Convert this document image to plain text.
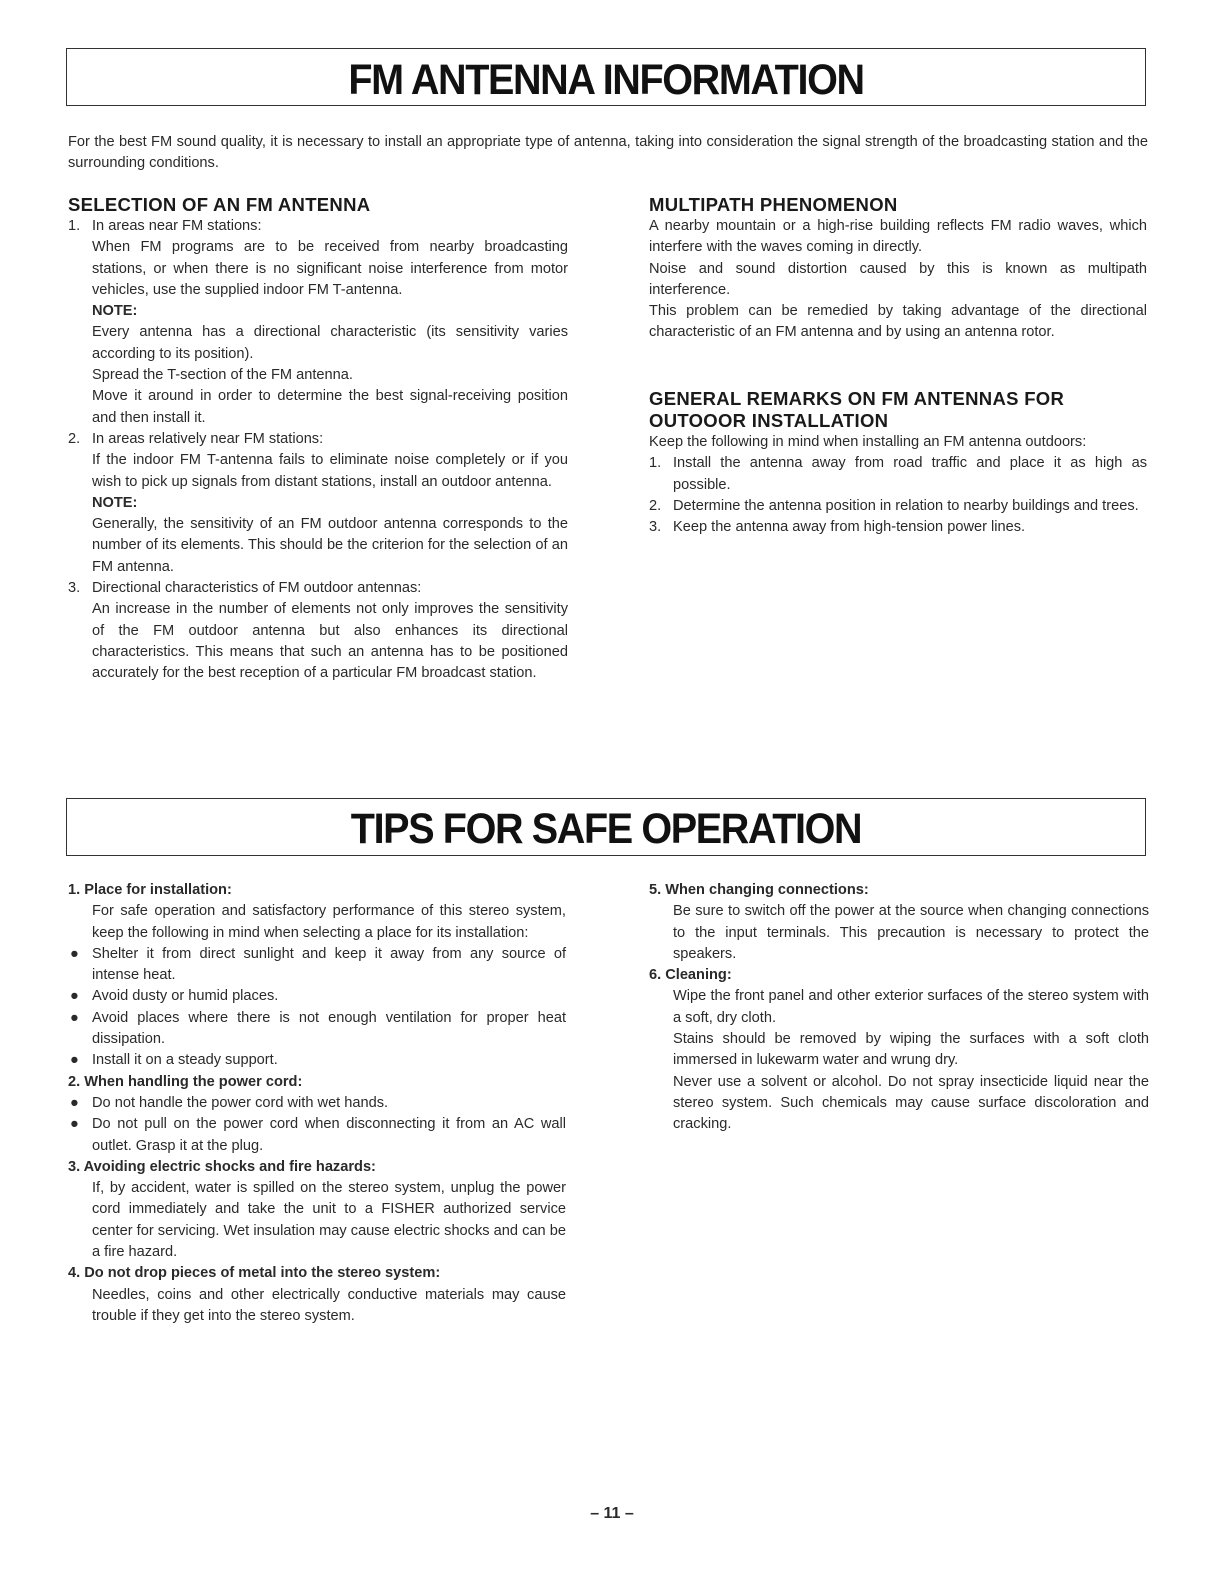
FM ANTENNA INFORMATION

For the best FM sound quality, it is necessary to install an appropriate type of antenna, taking into consideration the signal strength of the broadcasting station and the surrounding conditions.

SELECTION OF AN FM ANTENNA
1. In areas near FM stations:
When FM programs are to be received from nearby broadcasting stations, or when there is no significant noise interference from motor vehicles, use the supplied indoor FM T-antenna.
NOTE:
Every antenna has a directional characteristic (its sensitivity varies according to its position).
Spread the T-section of the FM antenna.
Move it around in order to determine the best signal-receiving position and then install it.
2. In areas relatively near FM stations:
If the indoor FM T-antenna fails to eliminate noise completely or if you wish to pick up signals from distant stations, install an outdoor antenna.
NOTE:
Generally, the sensitivity of an FM outdoor antenna corresponds to the number of its elements. This should be the criterion for the selection of an FM antenna.
3. Directional characteristics of FM outdoor antennas:
An increase in the number of elements not only improves the sensitivity of the FM outdoor antenna but also enhances its directional characteristics. This means that such an antenna has to be positioned accurately for the best reception of a particular FM broadcast station.
MULTIPATH PHENOMENON
A nearby mountain or a high-rise building reflects FM radio waves, which interfere with the waves coming in directly.
Noise and sound distortion caused by this is known as multipath interference.
This problem can be remedied by taking advantage of the directional characteristic of an FM antenna and by using an antenna rotor.
GENERAL REMARKS ON FM ANTENNAS FOR OUTOOOR INSTALLATION
Keep the following in mind when installing an FM antenna outdoors:
1. Install the antenna away from road traffic and place it as high as possible.
2. Determine the antenna position in relation to nearby buildings and trees.
3. Keep the antenna away from high-tension power lines.
TIPS FOR SAFE OPERATION
1. Place for installation:
For safe operation and satisfactory performance of this stereo system, keep the following in mind when selecting a place for its installation:
● Shelter it from direct sunlight and keep it away from any source of intense heat.
● Avoid dusty or humid places.
● Avoid places where there is not enough ventilation for proper heat dissipation.
● Install it on a steady support.
2. When handling the power cord:
● Do not handle the power cord with wet hands.
● Do not pull on the power cord when disconnecting it from an AC wall outlet. Grasp it at the plug.
3. Avoiding electric shocks and fire hazards:
If, by accident, water is spilled on the stereo system, unplug the power cord immediately and take the unit to a FISHER authorized service center for servicing. Wet insulation may cause electric shocks and can be a fire hazard.
4. Do not drop pieces of metal into the stereo system:
Needles, coins and other electrically conductive materials may cause trouble if they get into the stereo system.
5. When changing connections:
Be sure to switch off the power at the source when changing connections to the input terminals. This precaution is necessary to protect the speakers.
6. Cleaning:
Wipe the front panel and other exterior surfaces of the stereo system with a soft, dry cloth.
Stains should be removed by wiping the surfaces with a soft cloth immersed in lukewarm water and wrung dry.
Never use a solvent or alcohol. Do not spray insecticide liquid near the stereo system. Such chemicals may cause surface discoloration and cracking.
– 11 –
